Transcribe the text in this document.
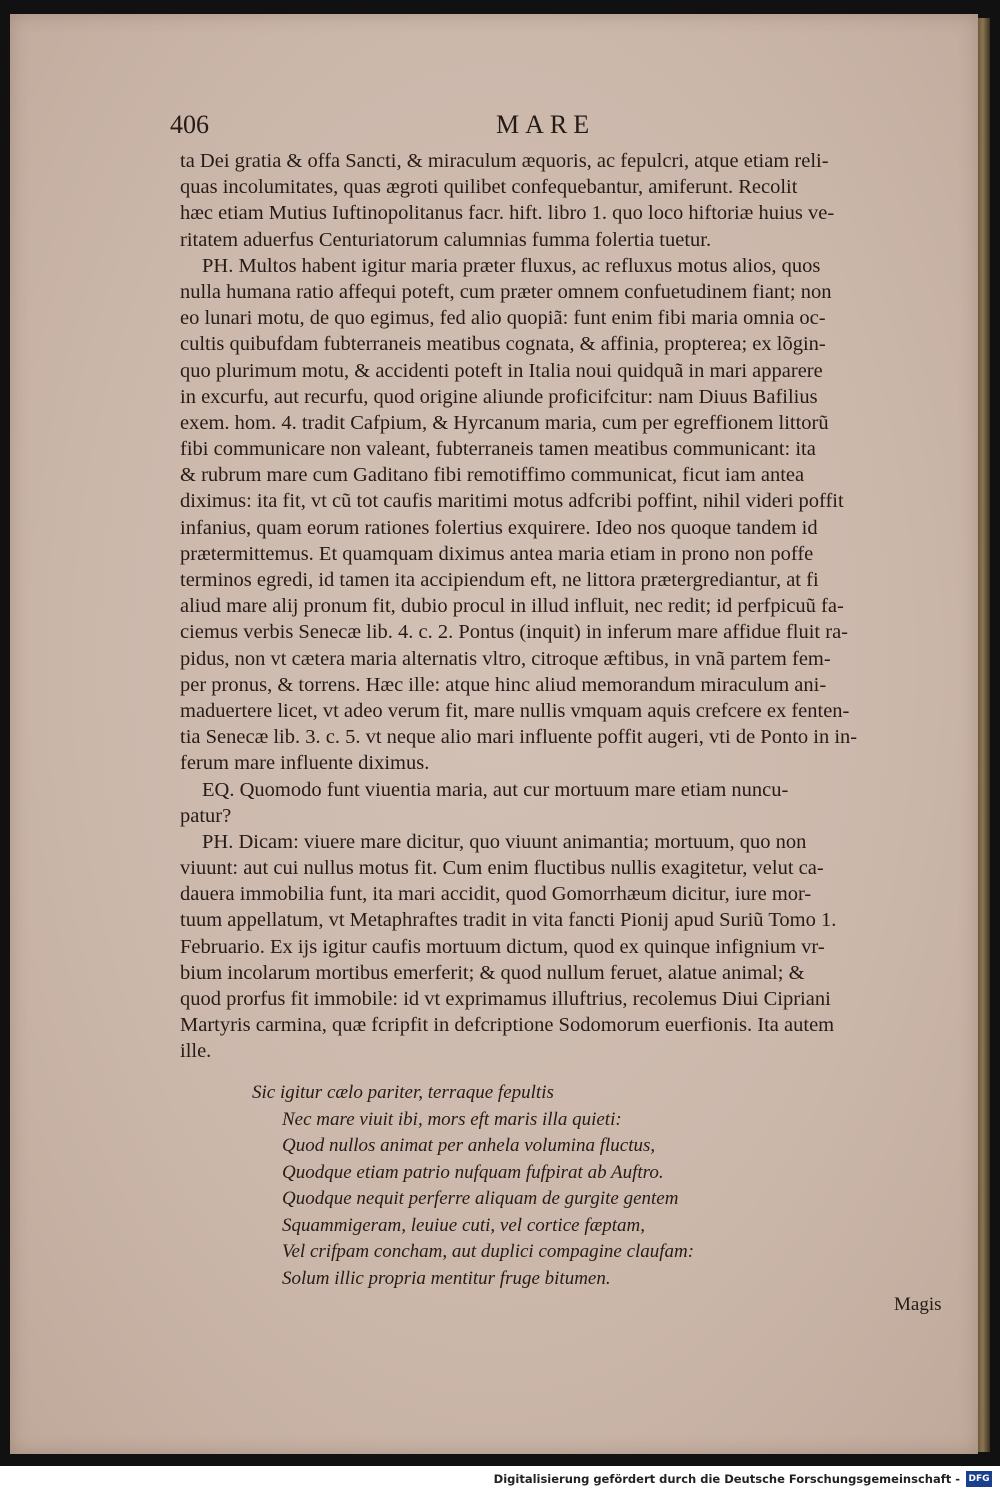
406	MARE
ta Dei gratia & offa Sancti, & miraculum æquoris, ac fepulcri, atque etiam reli-
quas incolumitates, quas ægroti quilibet confequebantur, amiferunt. Recolit
hæc etiam Mutius Iuftinopolitanus facr. hift. libro 1. quo loco hiftoriæ huius ve-
ritatem aduerfus Centuriatorum calumnias fumma folertia tuetur.
PH. Multos habent igitur maria præter fluxus, ac refluxus motus alios, quos
nulla humana ratio affequi poteft, cum præter omnem confuetudinem fiant; non
eo lunari motu, de quo egimus, fed alio quopiã: funt enim fibi maria omnia oc-
cultis quibufdam fubterraneis meatibus cognata, & affinia, propterea; ex lõgin-
quo plurimum motu, & accidenti poteft in Italia noui quidquã in mari apparere
in excurfu, aut recurfu, quod origine aliunde proficifcitur: nam Diuus Bafilius
exem. hom. 4. tradit Cafpium, & Hyrcanum maria, cum per egreffionem littorũ
fibi communicare non valeant, fubterraneis tamen meatibus communicant: ita
& rubrum mare cum Gaditano fibi remotiffimo communicat, ficut iam antea
diximus: ita fit, vt cũ tot caufis maritimi motus adfcribi poffint, nihil videri poffit
infanius, quam eorum rationes folertius exquirere. Ideo nos quoque tandem id
prætermittemus. Et quamquam diximus antea maria etiam in prono non poffe
terminos egredi, id tamen ita accipiendum eft, ne littora prætergrediantur, at fi
aliud mare alij pronum fit, dubio procul in illud influit, nec redit; id perfpicuũ fa-
ciemus verbis Senecæ lib. 4. c. 2. Pontus (inquit) in inferum mare affidue fluit ra-
pidus, non vt cætera maria alternatis vltro, citroque æftibus, in vnã partem fem-
per pronus, & torrens. Hæc ille: atque hinc aliud memorandum miraculum ani-
maduertere licet, vt adeo verum fit, mare nullis vmquam aquis crefcere ex fenten-
tia Senecæ lib. 3. c. 5. vt neque alio mari influente poffit augeri, vti de Ponto in in-
ferum mare influente diximus.
EQ. Quomodo funt viuentia maria, aut cur mortuum mare etiam nuncu-
patur?
PH. Dicam: viuere mare dicitur, quo viuunt animantia; mortuum, quo non
viuunt: aut cui nullus motus fit. Cum enim fluctibus nullis exagitetur, velut ca-
dauera immobilia funt, ita mari accidit, quod Gomorrhæum dicitur, iure mor-
tuum appellatum, vt Metaphraftes tradit in vita fancti Pionij apud Suriũ Tomo 1.
Februario. Ex ijs igitur caufis mortuum dictum, quod ex quinque infignium vr-
bium incolarum mortibus emerferit; & quod nullum feruet, alatue animal; &
quod prorfus fit immobile: id vt exprimamus illuftrius, recolemus Diui Cipriani
Martyris carmina, quæ fcripfit in defcriptione Sodomorum euerfionis. Ita autem
ille.
Sic igitur cælo pariter, terraque fepultis
Nec mare viuit ibi, mors eft maris illa quieti:
Quod nullos animat per anhela volumina fluctus,
Quodque etiam patrio nufquam fufpirat ab Auftro.
Quodque nequit perferre aliquam de gurgite gentem
Squammigeram, leuiue cuti, vel cortice fæptam,
Vel crifpam concham, aut duplici compagine claufam:
Solum illic propria mentitur fruge bitumen.
Magis
Digitalisierung gefördert durch die Deutsche Forschungsgemeinschaft - DFG
